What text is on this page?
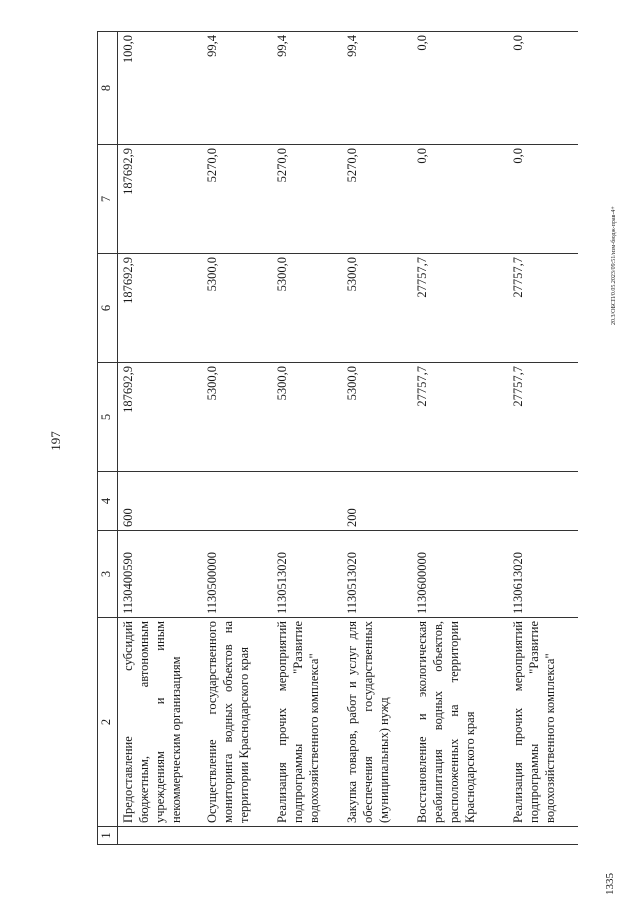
197
20.3/ОБСП/0.05.2023/09:51/изм-бюдж-прав-4+
1335
1	2	3	4	5	6	7	8
	Предоставление субсидий бюджетным, автономным учреждениям и иным некоммерческим организациям	1130400590	600	187692,9	187692,9	187692,9	100,0
	Осуществление государственного мониторинга водных объектов на территории Краснодарского края	1130500000		5300,0	5300,0	5270,0	99,4
	Реализация прочих мероприятий подпрограммы "Развитие водохозяйственного комплекса"	1130513020		5300,0	5300,0	5270,0	99,4
	Закупка товаров, работ и услуг для обеспечения государственных (муниципальных) нужд	1130513020	200	5300,0	5300,0	5270,0	99,4
	Восстановление и экологическая реабилитация водных объектов, расположенных на территории Краснодарского края	1130600000		27757,7	27757,7	0,0	0,0
	Реализация прочих мероприятий подпрограммы "Развитие водохозяйственного комплекса"	1130613020		27757,7	27757,7	0,0	0,0
